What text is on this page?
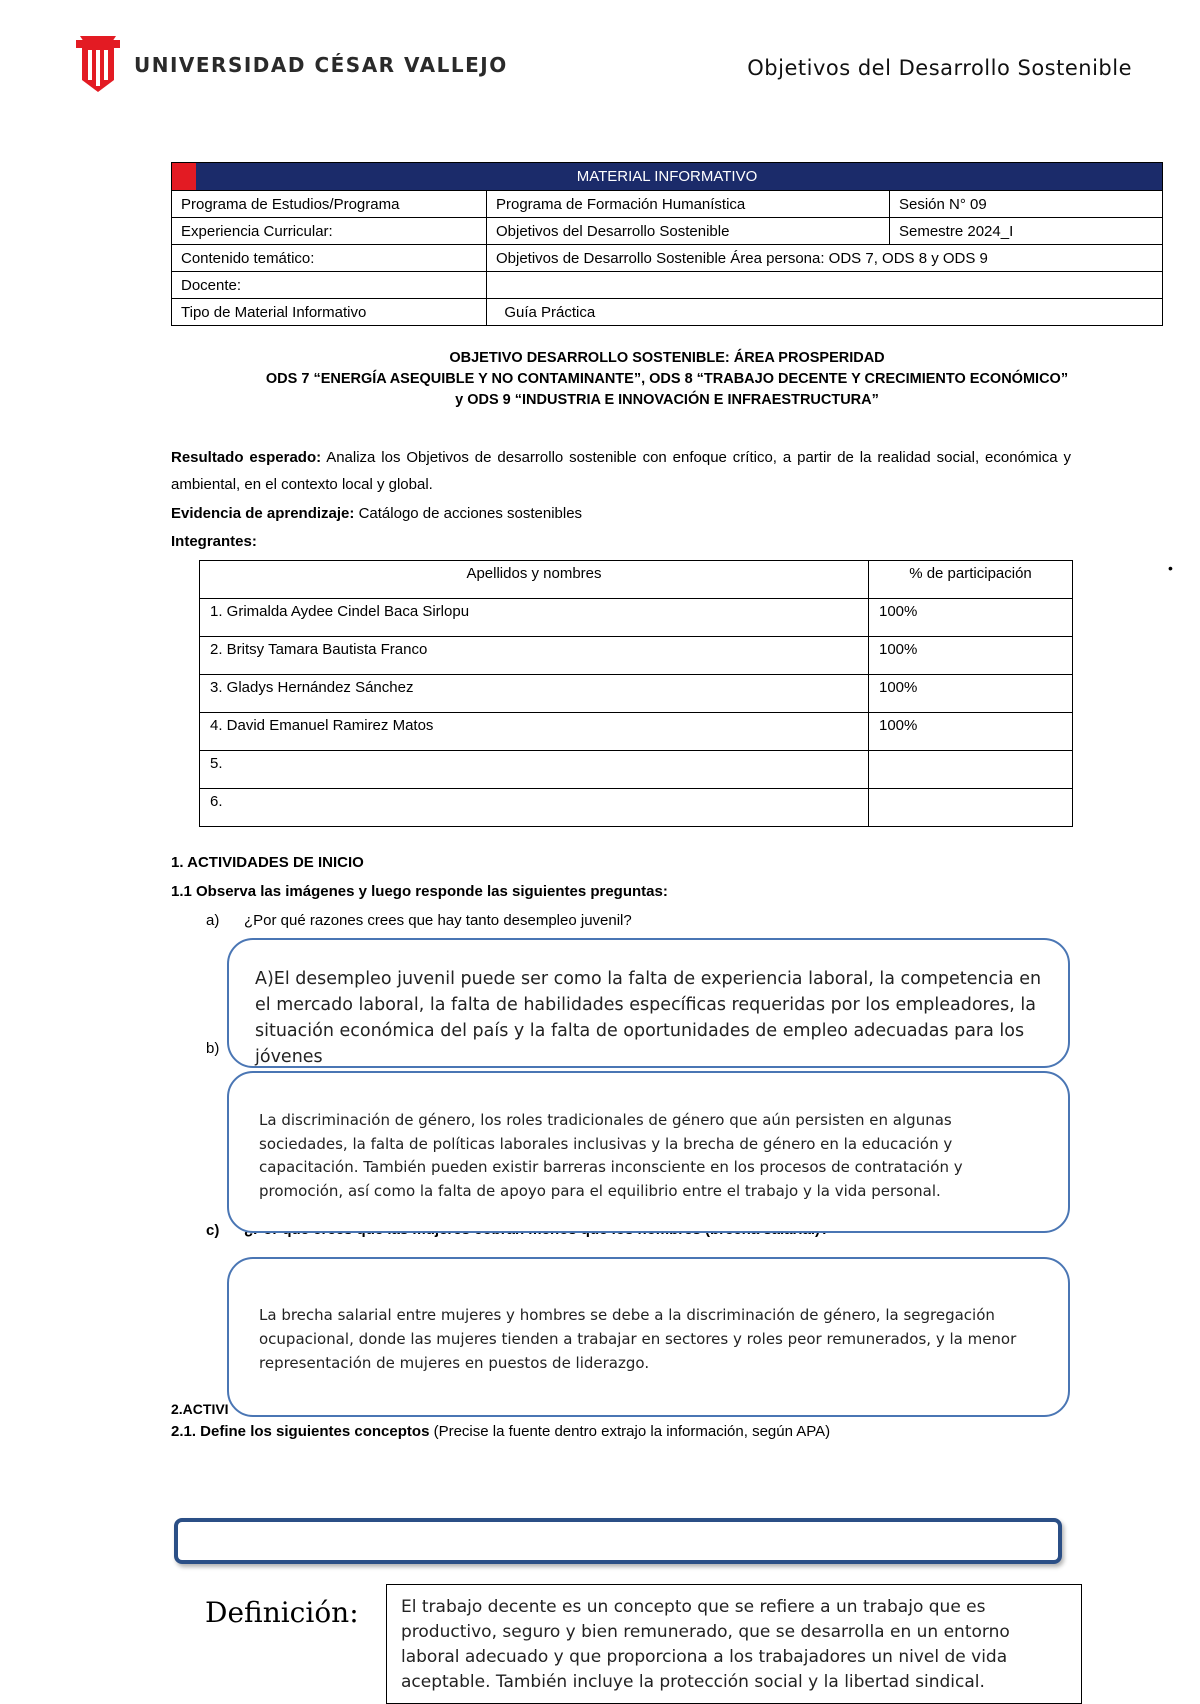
UNIVERSIDAD CÉSAR VALLEJO	Objetivos del Desarrollo Sostenible
MATERIAL INFORMATIVO		
Programa de Estudios/Programa	Programa de Formación Humanística	Sesión N° 09
Experiencia Curricular:	Objetivos del Desarrollo Sostenible	Semestre 2024_I
Contenido temático:	Objetivos de Desarrollo Sostenible Área persona: ODS 7, ODS 8 y ODS 9	
Docente:		
Tipo de Material Informativo	Guía Práctica	
OBJETIVO DESARROLLO SOSTENIBLE: ÁREA PROSPERIDAD
ODS 7 “ENERGÍA ASEQUIBLE Y NO CONTAMINANTE”, ODS 8 “TRABAJO DECENTE Y CRECIMIENTO ECONÓMICO”
y ODS 9 “INDUSTRIA E INNOVACIÓN E INFRAESTRUCTURA”
Resultado esperado: Analiza los Objetivos de desarrollo sostenible con enfoque crítico, a partir de la realidad social, económica y ambiental, en el contexto local y global.
Evidencia de aprendizaje: Catálogo de acciones sostenibles
Integrantes:
Apellidos y nombres	% de participación

1. Grimalda Aydee Cindel Baca Sirlopu	100%

2. Britsy Tamara Bautista Franco	100%

3. Gladys Hernández Sánchez	100%

4. David Emanuel Ramirez Matos	100%

5.	

6.	

•
1. ACTIVIDADES DE INICIO
1.1 Observa las imágenes y luego responde las siguientes preguntas:
a) ¿Por qué razones crees que hay tanto desempleo juvenil?
b)
c)
A)El desempleo juvenil puede ser como la falta de experiencia laboral, la competencia en el mercado laboral, la falta de habilidades específicas requeridas por los empleadores, la situación económica del país y la falta de oportunidades de empleo adecuadas para los jóvenes
La discriminación de género, los roles tradicionales de género que aún persisten en algunas sociedades, la falta de políticas laborales inclusivas y la brecha de género en la educación y capacitación. También pueden existir barreras inconsciente en los procesos de contratación y promoción, así como la falta de apoyo para el equilibrio entre el trabajo y la vida personal.
La brecha salarial entre mujeres y hombres se debe a la discriminación de género, la segregación ocupacional, donde las mujeres tienden a trabajar en sectores y roles peor remunerados, y la menor representación de mujeres en puestos de liderazgo.
2.ACTIVI
2.1. Define los siguientes conceptos (Precise la fuente dentro extrajo la información, según APA)
Definición: El trabajo decente es un concepto que se refiere a un trabajo que es productivo, seguro y bien remunerado, que se desarrolla en un entorno laboral adecuado y que proporciona a los trabajadores un nivel de vida aceptable. También incluye la protección social y la libertad sindical.
